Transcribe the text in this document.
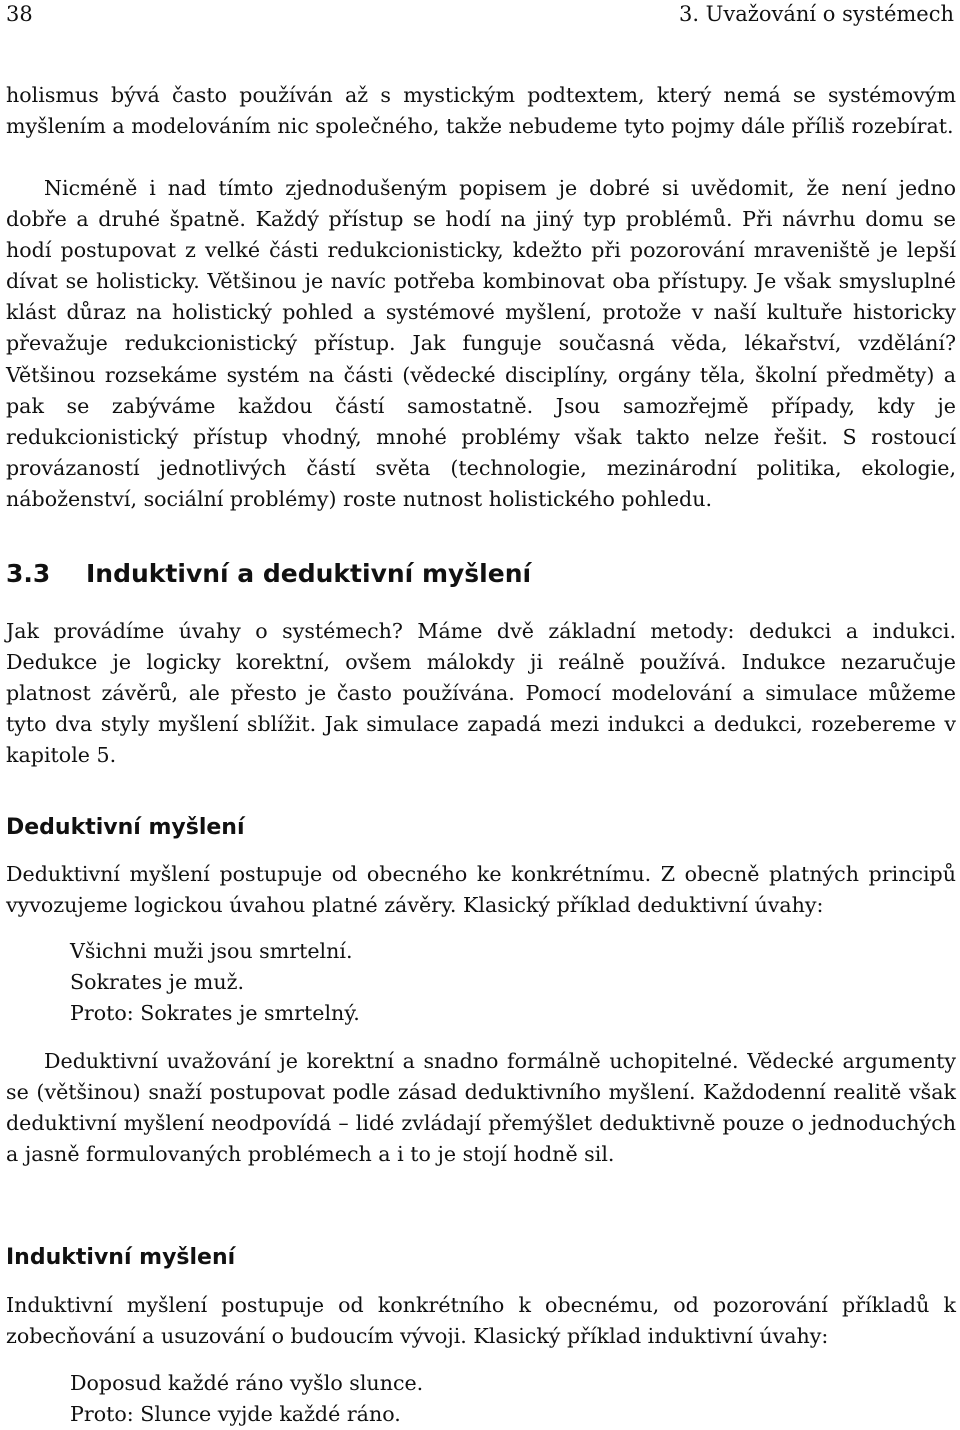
38	3. Uvažování o systémech

holismus bývá často používán až s mystickým podtextem, který nemá se systémovým myšlením a modelováním nic společného, takže nebudeme tyto pojmy dále příliš rozebírat.

Nicméně i nad tímto zjednodušeným popisem je dobré si uvědomit, že není jedno dobře a druhé špatně. Každý přístup se hodí na jiný typ problémů. Při návrhu domu se hodí postupovat z velké části redukcionisticky, kdežto při pozorování mraveniště je lepší dívat se holisticky. Většinou je navíc potřeba kombinovat oba přístupy. Je však smysluplné klást důraz na holistický pohled a systémové myšlení, protože v naší kultuře historicky převažuje redukcionistický přístup. Jak funguje současná věda, lékařství, vzdělání? Většinou rozsekáme systém na části (vědecké disciplíny, orgány těla, školní předměty) a pak se zabýváme každou částí samostatně. Jsou samozřejmě případy, kdy je redukcionistický přístup vhodný, mnohé problémy však takto nelze řešit. S rostoucí provázaností jednotlivých částí světa (technologie, mezinárodní politika, ekologie, náboženství, sociální problémy) roste nutnost holistického pohledu.

3.3 Induktivní a deduktivní myšlení

Jak provádíme úvahy o systémech? Máme dvě základní metody: dedukci a indukci. Dedukce je logicky korektní, ovšem málokdy ji reálně používá. Indukce nezaručuje platnost závěrů, ale přesto je často používána. Pomocí modelování a simulace můžeme tyto dva styly myšlení sblížit. Jak simulace zapadá mezi indukci a dedukci, rozebereme v kapitole 5.

Deduktivní myšlení

Deduktivní myšlení postupuje od obecného ke konkrétnímu. Z obecně platných principů vyvozujeme logickou úvahou platné závěry. Klasický příklad deduktivní úvahy:

Všichni muži jsou smrtelní.
Sokrates je muž.
Proto: Sokrates je smrtelný.

Deduktivní uvažování je korektní a snadno formálně uchopitelné. Vědecké argumenty se (většinou) snaží postupovat podle zásad deduktivního myšlení. Každodenní realitě však deduktivní myšlení neodpovídá – lidé zvládají přemýšlet deduktivně pouze o jednoduchých a jasně formulovaných problémech a i to je stojí hodně sil.

Induktivní myšlení

Induktivní myšlení postupuje od konkrétního k obecnému, od pozorování příkladů k zobecňování a usuzování o budoucím vývoji. Klasický příklad induktivní úvahy:

Doposud každé ráno vyšlo slunce.
Proto: Slunce vyjde každé ráno.
